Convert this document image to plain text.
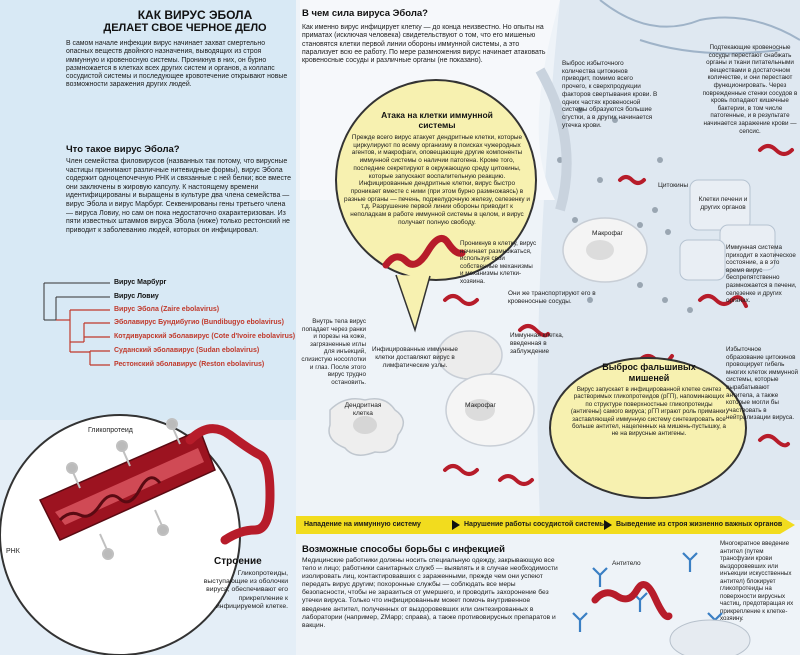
КАК ВИРУС ЭБОЛА
ДЕЛАЕТ СВОЕ ЧЕРНОЕ ДЕЛО
В самом начале инфекции вирус начинает захват смертельно опасных веществ двойного назначения, выводящих из строя иммунную и кровеносную системы. Проникнув в них, он бурно размножается в клетках всех других систем и органов, а коллапс сосудистой системы и последующее кровотечение открывают новые возможности заражения других людей.
Что такое вирус Эбола?
Член семейства филовирусов (названных так потому, что вирусные частицы принимают различные нитевидные формы), вирус Эбола содержит одноцепочечную РНК и связанные с ней белки; все вместе они заключены в жировую капсулу. К настоящему времени идентифицированы и выращены в культуре два члена семейства — вирус Эбола и вирус Марбург. Секвенированы гены третьего члена — вируса Ловиу, но сам он пока недостаточно охарактеризован. Из пяти известных штаммов вируса Эбола (ниже) только рестонский не приводит к заболеванию людей, которых он инфицировал.
Вирус Марбург
Вирус Ловиу
Вирус Эбола (Zaire ebolavirus)
Эболавирус Бундибугио (Bundibugyo ebolavirus)
Котдивуарский эболавирус (Cote d'Ivoire ebolavirus)
Суданский эболавирус (Sudan ebolavirus)
Рестонский эболавирус (Reston ebolavirus)
Гликопротеид
РНК
Строение
Гликопротеиды, выступающие из оболочки вируса, обеспечивают его прикрепление к инфицируемой клетке.
В чем сила вируса Эбола?
Как именно вирус инфицирует клетку — до конца неизвестно. Но опыты на приматах (исключая человека) свидетельствуют о том, что его мишенью становятся клетки первой линии обороны иммунной системы, а это парализует всю ее работу. По мере размножения вирус начинает атаковать кровеносные сосуды и различные органы (не показано).
Атака на клетки иммунной системы
Прежде всего вирус атакует дендритные клетки, которые циркулируют по всему организму в поисках чужеродных агентов, и макрофаги, оповещающие другие компоненты иммунной системы о наличии патогена. Кроме того, последние секретируют в окружающую среду цитокины, которые запускают воспалительную реакцию. Инфицированные дендритные клетки, вирус быстро проникает вместе с ними (при этом бурно размножаясь) в разные органы — печень, поджелудочную железу, селезенку и т.д. Разрушение первой линии обороны приводит к неполадкам в работе иммунной системы в целом, и вирус получает полную свободу.
Проникнув в клетку, вирус начинает размножаться, используя свои собственные механизмы и механизмы клетки-хозяина.
Внутрь тела вирус попадает через ранки и порезы на коже, загрязненные иглы для инъекций, слизистую носоглотки и глаз. После этого вирус трудно остановить.
Дендритная клетка
Макрофаг
Инфицированные иммунные клетки доставляют вирус в лимфатические узлы.
Они же транспортируют его в кровеносные сосуды.
Иммунная клетка, введенная в заблуждение
Макрофаг
Выброс фальшивых мишеней
Вирус запускает в инфицированной клетке синтез растворимых гликопротеидов (рГП), напоминающих по структуре поверхностные гликопротеиды (антигены) самого вируса; рГП играют роль приманки, заставляющей иммунную систему синтезировать все больше антител, нацеленных на мишень-пустышку, а не на вирусные антигены.
Выброс избыточного количества цитокинов приводит, помимо всего прочего, к сверхпродукции факторов свертывания крови. В одних частях кровеносной системы образуются большие сгустки, а в других начинается утечка крови.
Цитокины
Подтекающие кровеносные сосуды перестают снабжать органы и ткани питательными веществами в достаточном количестве, и они перестают функционировать. Через поврежденные стенки сосудов в кровь попадают кишечные бактерии, в том числе патогенные, и в результате начинается заражение крови — сепсис.
Клетки печени и других органов
Иммунная система приходит в хаотическое состояние, а в это время вирус беспрепятственно размножается в печени, селезенке и других органах.
Избыточное образование цитокинов провоцирует гибель многих клеток иммунной системы, которые вырабатывают антитела, а также которые могли бы участвовать в нейтрализации вируса.
Многократное введение антител (путем трансфузии крови выздоровевших или инъекции искусственных антител) блокирует гликопротеиды на поверхности вирусных частиц, предотвращая их прикрепление к клетке-хозяину.
Нападение на иммунную систему	Нарушение работы сосудистой системы Выведение из строя жизненно важных органов
Возможные способы борьбы с инфекцией
Медицинские работники должны носить специальную одежду, закрывающую все тело и лицо; работники санитарных служб — выявлять и в случае необходимости изолировать лиц, контактировавших с зараженными, прежде чем они успеют передать вирус другим; похоронные службы — соблюдать все меры безопасности, чтобы не заразиться от умершего, и проводить захоронение без утечки вируса. Только что инфицированным может помочь внутривенное введение антител, полученных от выздоровевших или синтезированных в лаборатории (например, ZMapp; справа), а также противовирусных препаратов и вакцин.
Антитело
